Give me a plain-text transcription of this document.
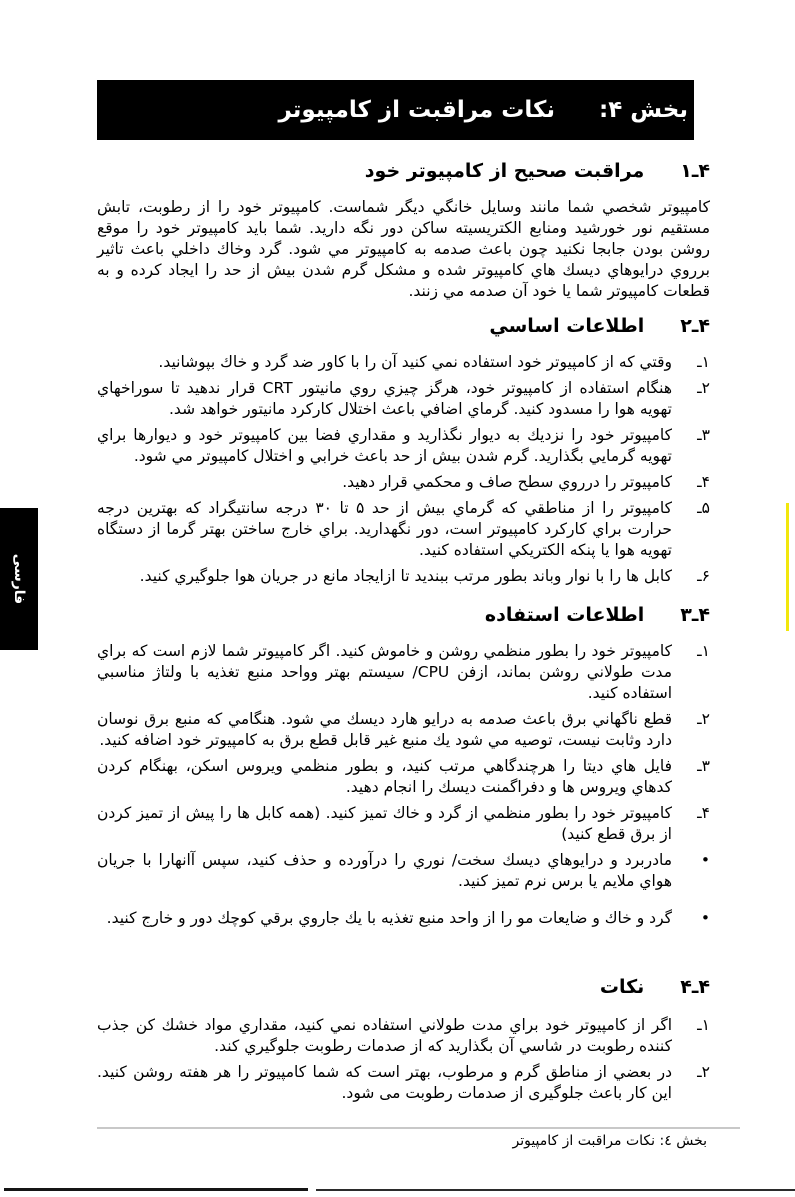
بخش ۴:
نکات مراقبت از کامپیوتر
۴ـ۱
مراقبت صحيح از کامپيوتر خود

کامپیوتر شخصي شما مانند وسایل خانگي دیگر شماست. کامپیوتر خود را از رطوبت، تابش مستقیم نور خورشید ومنابع الکتریسیته ساکن دور نگه دارید. شما باید کامپیوتر خود را موقع روشن بودن جابجا نکنید چون باعث صدمه به کامپیوتر مي شود. گرد وخاك داخلي باعث تاثیر برروي درایوهاي دیسك هاي کامپیوتر شده و مشکل گرم شدن بیش از حد را ایجاد کرده و به قطعات کامپیوتر شما یا خود آن صدمه مي زنند.

۴ـ۲
اطلاعات اساسي
۱ـ
وقتي که از کامپیوتر خود استفاده نمي کنید آن را با کاور ضد گرد و خاك بپوشانید.
۲ـ
هنگام استفاده از کامپیوتر خود، هرگز چیزي روي مانیتور CRT قرار ندهید تا سوراخهاي تهویه هوا را مسدود کنید. گرماي اضافي باعث اختلال کارکرد مانیتور خواهد شد.
۳ـ
کامپیوتر خود را نزدیك به دیوار نگذارید و مقداري فضا بین کامپیوتر خود و دیوارها براي تهویه گرمایي بگذارید. گرم شدن بیش از حد باعث خرابي و اختلال کامپیوتر مي شود.
۴ـ
کامپیوتر را درروي سطح صاف و محکمي قرار دهید.
۵ـ
کامپیوتر را از مناطقي که گرماي بیش از حد ۵ تا ۳۰ درجه سانتیگراد که بهترین درجه حرارت براي کارکرد کامپیوتر است، دور نگهدارید. براي خارج ساختن بهتر گرما از دستگاه تهویه هوا یا پنکه الکتریکي استفاده کنید.
۶ـ
کابل ها را با نوار وباند بطور مرتب ببندید تا ازایجاد مانع در جریان هوا جلوگیري کنید.
۴ـ۳
اطلاعات استفاده
۱ـ
کامپیوتر خود را بطور منظمي روشن و خاموش کنید. اگر کامپیوتر شما لازم است که براي مدت طولاني روشن بماند، ازفن CPU/ سیستم بهتر وواحد منبع تغذیه با ولتاژ مناسبي استفاده کنید.
۲ـ
قطع ناگهاني برق باعث صدمه به درایو هارد دیسك مي شود. هنگامي که منبع برق نوسان دارد وثابت نیست، توصیه مي شود یك منبع غیر قابل قطع برق به کامپیوتر خود اضافه کنید.
۳ـ
فایل هاي دیتا را هرچندگاهي مرتب کنید، و بطور منظمي ویروس اسکن، بهنگام کردن کدهاي ویروس ها و دفراگمنت دیسك را انجام دهید.
۴ـ
کامپیوتر خود را بطور منظمي از گرد و خاك تمیز کنید. (همه کابل ها را پیش از تمیز کردن از برق قطع کنید)
•
مادربرد و درایوهاي دیسك سخت/ نوري را درآورده و حذف کنید، سپس آانهارا با جریان هواي ملایم یا برس نرم تمیز کنید.
•
گرد و خاك و ضایعات مو را از واحد منبع تغذیه با یك جاروي برقي کوچك دور و خارج کنید.
۴ـ۴
نکات
۱ـ
اگر از کامپیوتر خود براي مدت طولاني استفاده نمي کنید، مقداري مواد خشك کن جذب کننده رطوبت در شاسي آن بگذارید که از صدمات رطوبت جلوگیري کند.
۲ـ
در بعضي از مناطق گرم و مرطوب، بهتر است که شما کامپیوتر را هر هفته روشن کنید. این کار باعث جلوگیری از صدمات رطوبت می شود.
فارسی
بخش ٤: نکات مراقبت از کامپیوتر
